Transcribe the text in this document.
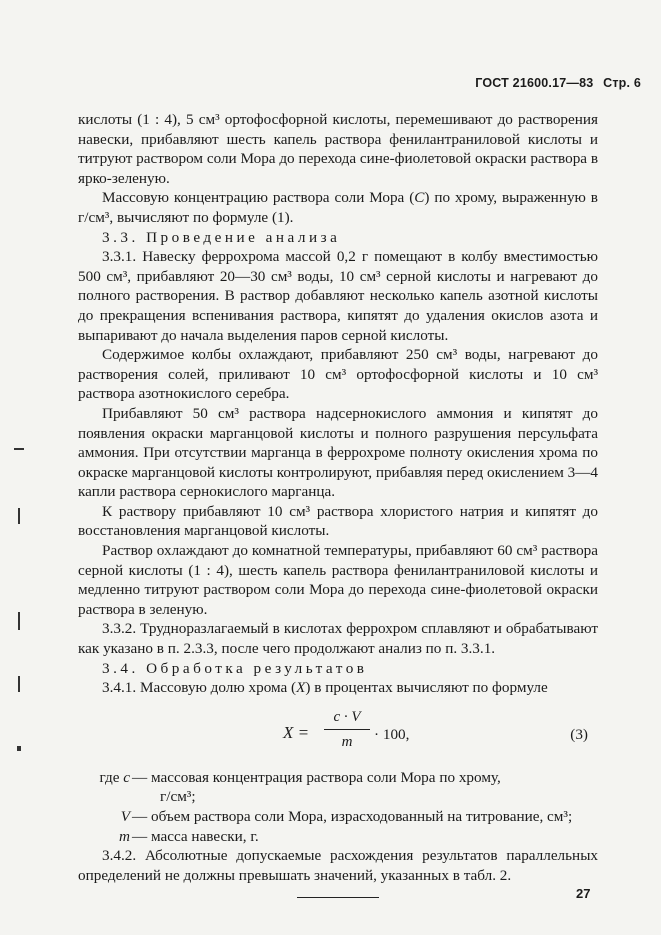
ГОСТ 21600.17—83 Стр. 6

кислоты (1 : 4), 5 см³ ортофосфорной кислоты, перемешивают до растворения навески, прибавляют шесть капель раствора фенилантраниловой кислоты и титруют раствором соли Мора до перехода сине-фиолетовой окраски раствора в ярко-зеленую.

Массовую концентрацию раствора соли Мора (С) по хрому, выраженную в г/см³, вычисляют по формуле (1).

3.3. Проведение анализа

3.3.1. Навеску феррохрома массой 0,2 г помещают в колбу вместимостью 500 см³, прибавляют 20—30 см³ воды, 10 см³ серной кислоты и нагревают до полного растворения. В раствор добавляют несколько капель азотной кислоты до прекращения вспенивания раствора, кипятят до удаления окислов азота и выпаривают до начала выделения паров серной кислоты.

Содержимое колбы охлаждают, прибавляют 250 см³ воды, нагревают до растворения солей, приливают 10 см³ ортофосфорной кислоты и 10 см³ раствора азотнокислого серебра.

Прибавляют 50 см³ раствора надсернокислого аммония и кипятят до появления окраски марганцовой кислоты и полного разрушения персульфата аммония. При отсутствии марганца в феррохроме полноту окисления хрома по окраске марганцовой кислоты контролируют, прибавляя перед окислением 3—4 капли раствора сернокислого марганца.

К раствору прибавляют 10 см³ раствора хлористого натрия и кипятят до восстановления марганцовой кислоты.

Раствор охлаждают до комнатной температуры, прибавляют 60 см³ раствора серной кислоты (1 : 4), шесть капель раствора фенилантраниловой кислоты и медленно титруют раствором соли Мора до перехода сине-фиолетовой окраски раствора в зеленую.

3.3.2. Трудноразлагаемый в кислотах феррохром сплавляют и обрабатывают как указано в п. 2.3.3, после чего продолжают анализ по п. 3.3.1.

3.4. Обработка результатов

3.4.1. Массовую долю хрома (X) в процентах вычисляют по формуле

$X = \frac{c \cdot V}{m} \cdot 100$,	(3)
где c — массовая концентрация раствора соли Мора по хрому,
г/см³;
V — объем раствора соли Мора, израсходованный на титрование, см³;
m — масса навески, г.

3.4.2. Абсолютные допускаемые расхождения результатов параллельных определений не должны превышать значений, указанных в табл. 2.

27
